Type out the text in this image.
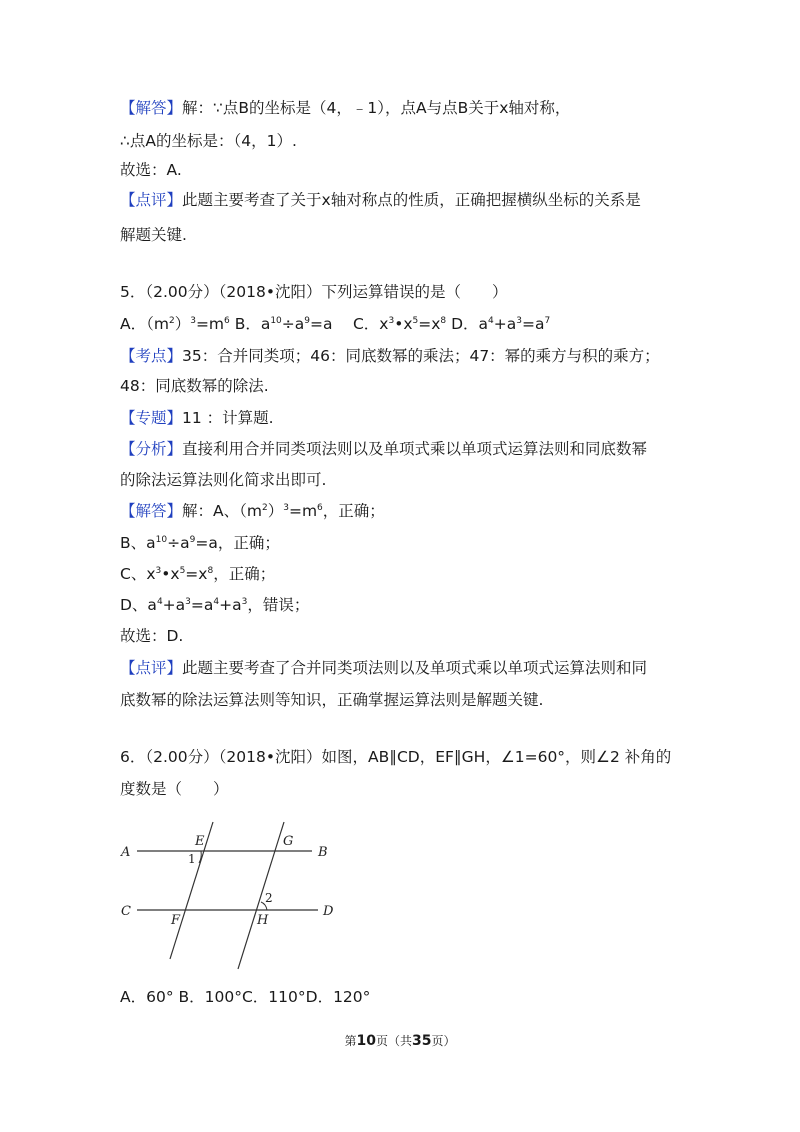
【解答】解：∵点B的坐标是（4，﹣1），点A与点B关于x轴对称，
∴点A的坐标是：（4，1）.
故选：A.
【点评】此题主要考查了关于x轴对称点的性质，正确把握横纵坐标的关系是
解题关键.
5．（2.00分）（2018•沈阳）下列运算错误的是（　　）
A．$(m^2)^3=m^6$ B．$a^{10}\div a^9=a$　 C．$x^3•x^5=x^8$ D．$a^4+a^3=a^7$
【考点】35：合并同类项；46：同底数幂的乘法；47：幂的乘方与积的乘方；
48：同底数幂的除法.
【专题】11 ：计算题.
【分析】直接利用合并同类项法则以及单项式乘以单项式运算法则和同底数幂
的除法运算法则化简求出即可.
【解答】解：A、$(m^2)^3=m^6$，正确；
B、$a^{10}\div a^9=a$，正确；
C、$x^3•x^5=x^8$，正确；
D、$a^4+a^3=a^4+a^3$，错误；
故选：D.
【点评】此题主要考查了合并同类项法则以及单项式乘以单项式运算法则和同
底数幂的除法运算法则等知识，正确掌握运算法则是解题关键.
6．（2.00分）（2018•沈阳）如图，AB∥CD，EF∥GH，∠1=60°，则∠2 补角的
度数是（　　）
A	B
C	D
E
F
G
H
1
2
A．60° B．100°C．110°D．120°
第10页（共35页）
